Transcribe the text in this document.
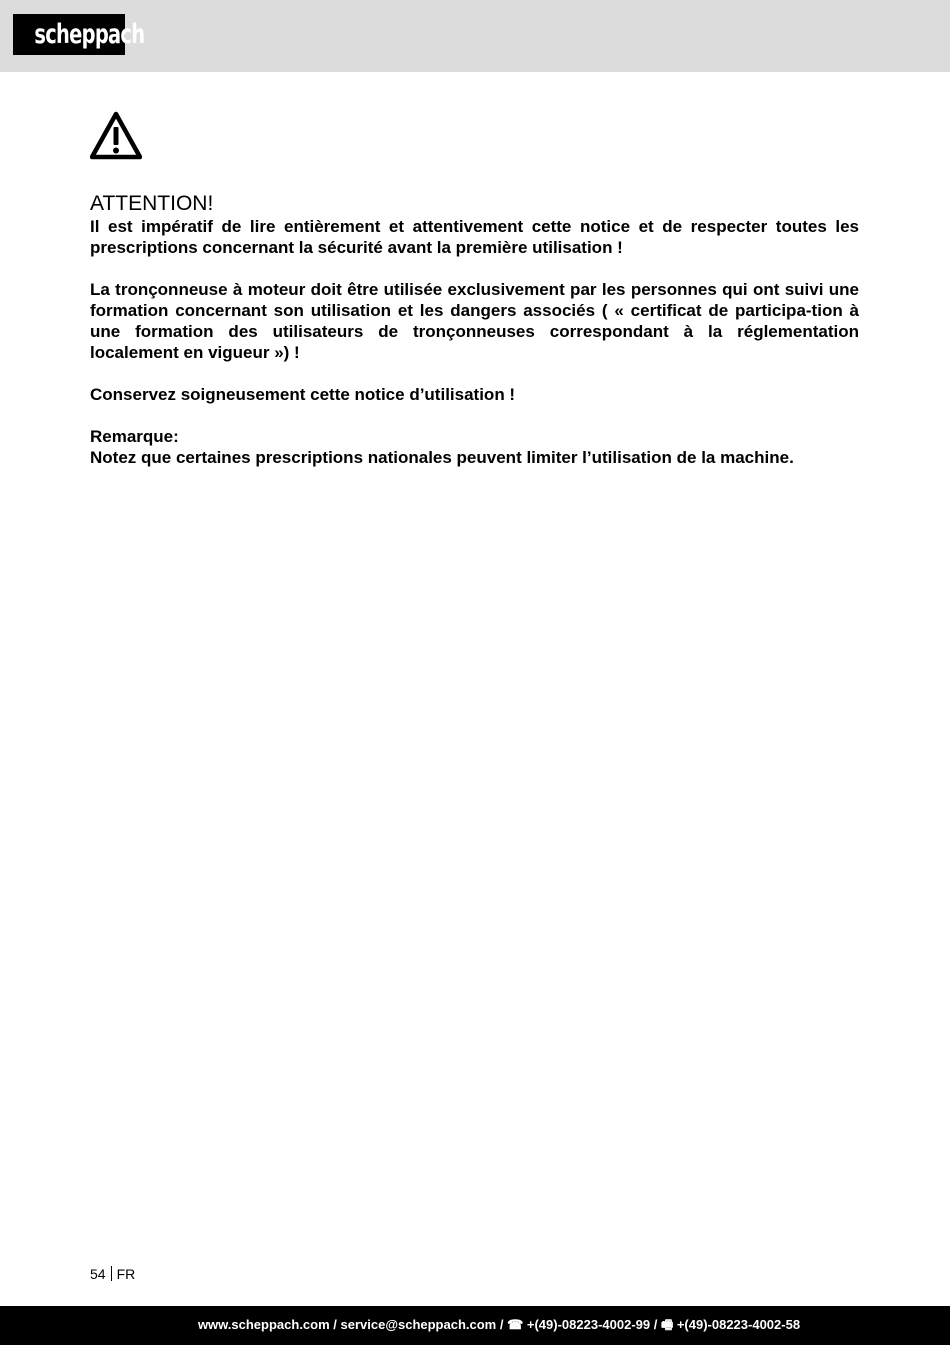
scheppach

ATTENTION!

Il est impératif de lire entièrement et attentivement cette notice et de respecter toutes les prescriptions concernant la sécurité avant la première utilisation !

La tronçonneuse à moteur doit être utilisée exclusivement par les personnes qui ont suivi une formation concernant son utilisation et les dangers associés ( « certificat de participa-tion à une formation des utilisateurs de tronçonneuses correspondant à la réglementation localement en vigueur ») !

Conservez soigneusement cette notice d’utilisation !

Remarque:

Notez que certaines prescriptions nationales peuvent limiter l’utilisation de la machine.

54 FR
www.scheppach.com / service@scheppach.com / ☎ +(49)-08223-4002-99 / 🖷 +(49)-08223-4002-58
